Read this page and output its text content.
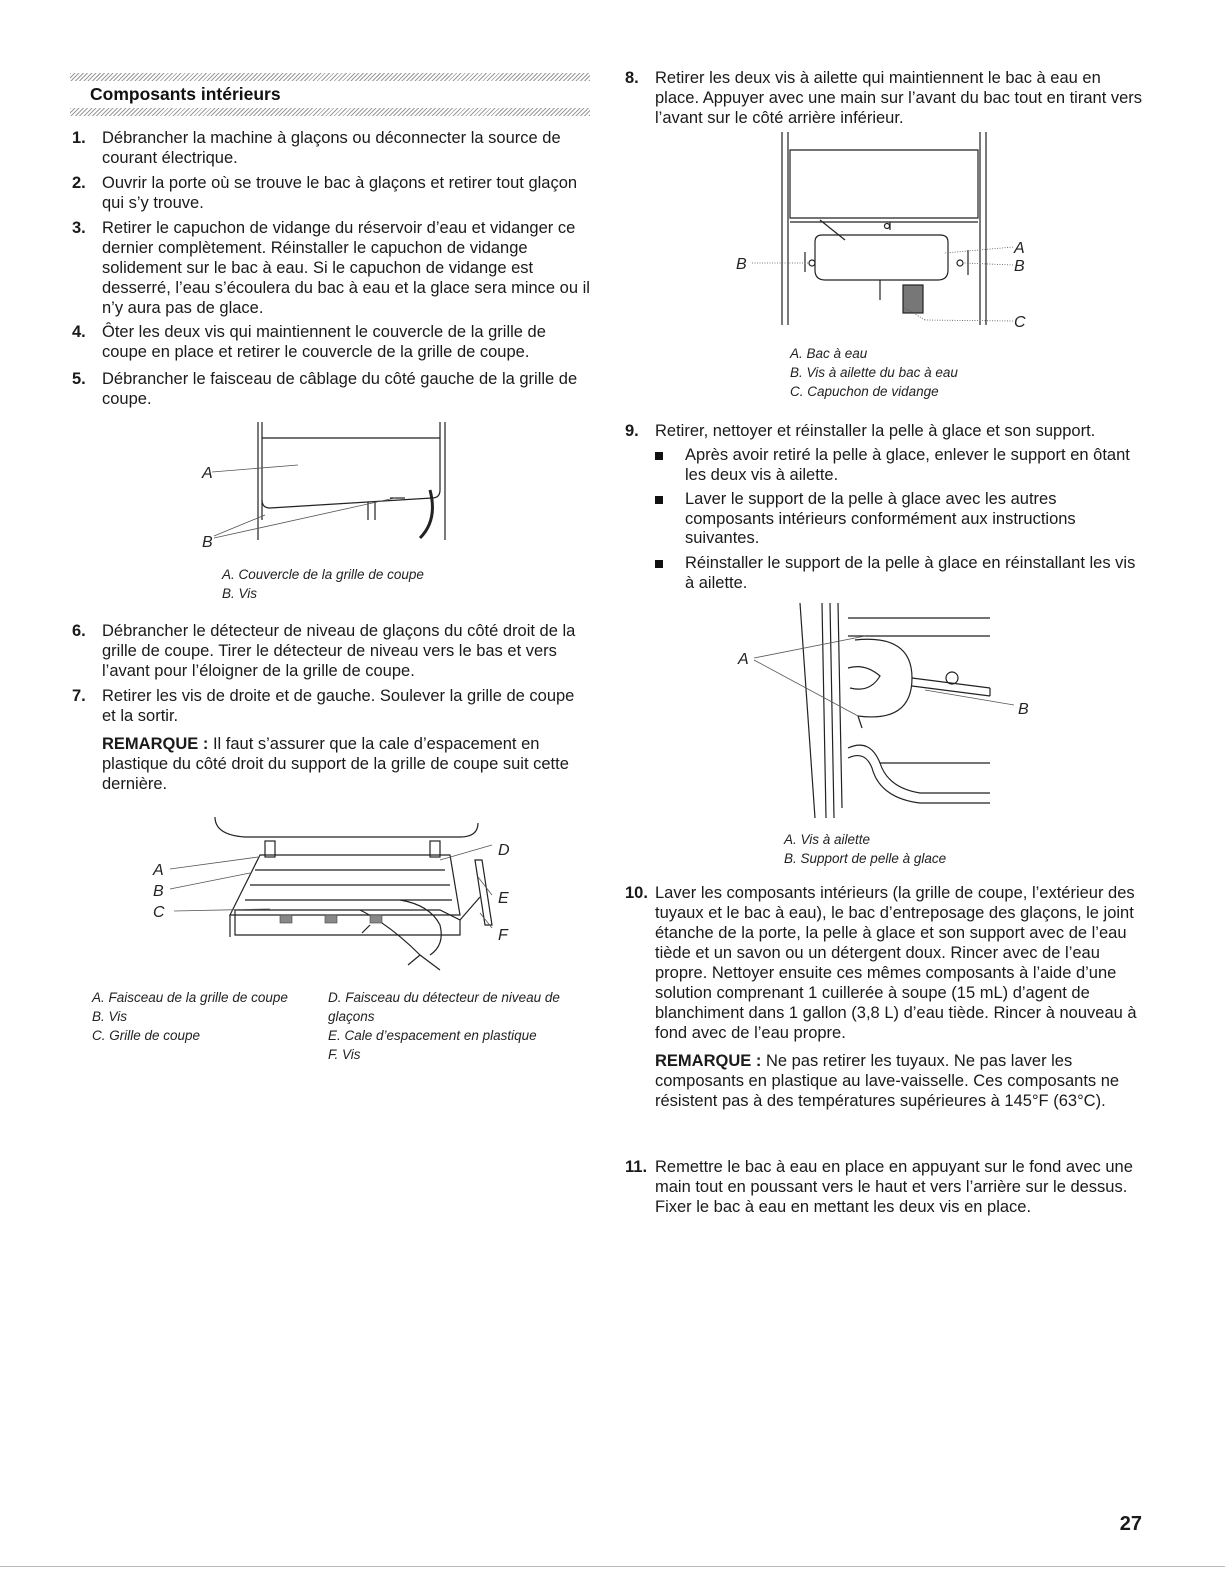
Composants intérieurs
1. Débrancher la machine à glaçons ou déconnecter la source de courant électrique.
2. Ouvrir la porte où se trouve le bac à glaçons et retirer tout glaçon qui s’y trouve.
3. Retirer le capuchon de vidange du réservoir d’eau et vidanger ce dernier complètement. Réinstaller le capuchon de vidange solidement sur le bac à eau. Si le capuchon de vidange est desserré, l’eau s’écoulera du bac à eau et la glace sera mince ou il n’y aura pas de glace.
4. Ôter les deux vis qui maintiennent le couvercle de la grille de coupe en place et retirer le couvercle de la grille de coupe.
5. Débrancher le faisceau de câblage du côté gauche de la grille de coupe.
A
B
A. Couvercle de la grille de coupe
B. Vis
6. Débrancher le détecteur de niveau de glaçons du côté droit de la grille de coupe. Tirer le détecteur de niveau vers le bas et vers l’avant pour l’éloigner de la grille de coupe.
7. Retirer les vis de droite et de gauche. Soulever la grille de coupe et la sortir.
REMARQUE : Il faut s’assurer que la cale d’espacement en plastique du côté droit du support de la grille de coupe suit cette dernière.
A
B
C
D
E
F
A. Faisceau de la grille de coupe
B. Vis
C. Grille de coupe
D. Faisceau du détecteur de niveau de glaçons
E. Cale d’espacement en plastique
F. Vis
8. Retirer les deux vis à ailette qui maintiennent le bac à eau en place. Appuyer avec une main sur l’avant du bac tout en tirant vers l’avant sur le côté arrière inférieur.
B
A
B
C
A. Bac à eau
B. Vis à ailette du bac à eau
C. Capuchon de vidange
9. Retirer, nettoyer et réinstaller la pelle à glace et son support.
Après avoir retiré la pelle à glace, enlever le support en ôtant les deux vis à ailette.
Laver le support de la pelle à glace avec les autres composants intérieurs conformément aux instructions suivantes.
Réinstaller le support de la pelle à glace en réinstallant les vis à ailette.
A
B
A. Vis à ailette
B. Support de pelle à glace
10. Laver les composants intérieurs (la grille de coupe, l’extérieur des tuyaux et le bac à eau), le bac d’entreposage des glaçons, le joint étanche de la porte, la pelle à glace et son support avec de l’eau tiède et un savon ou un détergent doux. Rincer avec de l’eau propre. Nettoyer ensuite ces mêmes composants à l’aide d’une solution comprenant 1 cuillerée à soupe (15 mL) d’agent de blanchiment dans 1 gallon (3,8 L) d’eau tiède. Rincer à nouveau à fond avec de l’eau propre.
REMARQUE : Ne pas retirer les tuyaux. Ne pas laver les composants en plastique au lave-vaisselle. Ces composants ne résistent pas à des températures supérieures à 145°F (63°C).
11. Remettre le bac à eau en place en appuyant sur le fond avec une main tout en poussant vers le haut et vers l’arrière sur le dessus. Fixer le bac à eau en mettant les deux vis en place.
27
